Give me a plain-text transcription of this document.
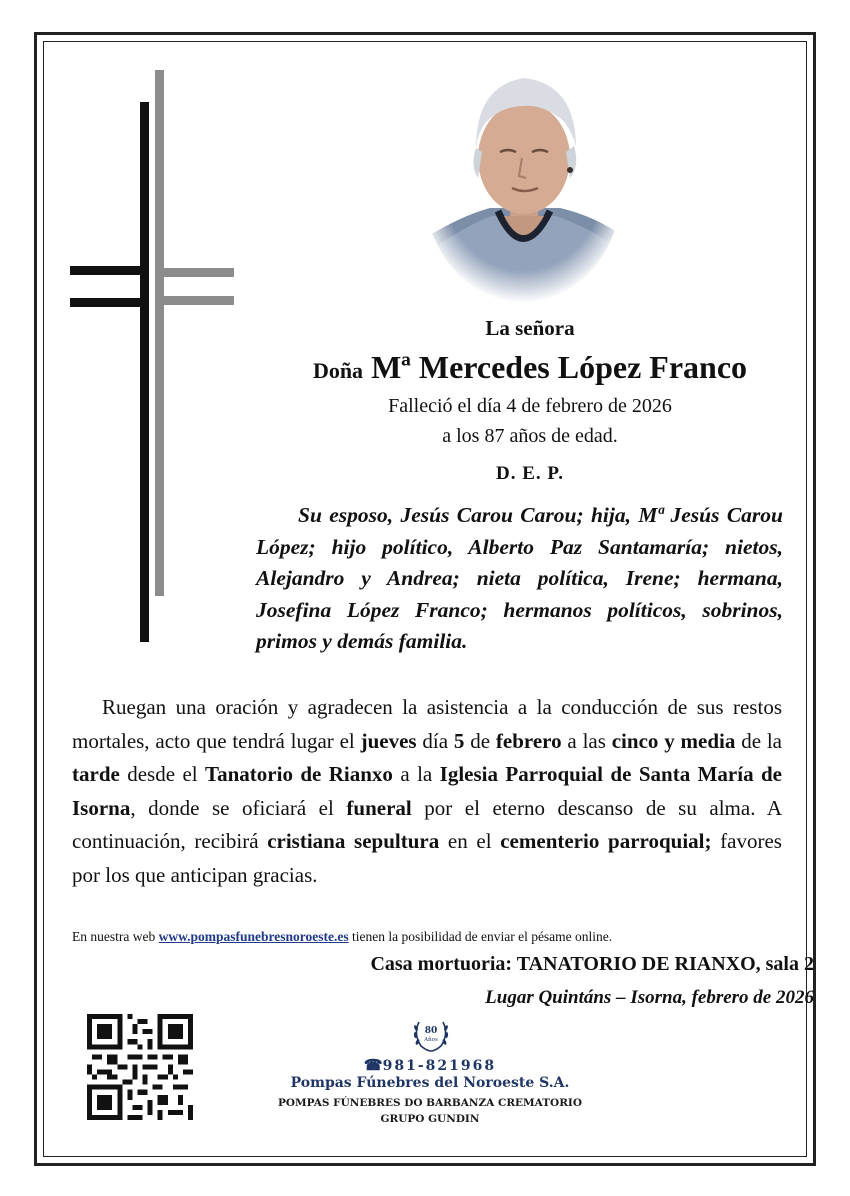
La señora
Doña Mª Mercedes López Franco
Falleció el día 4 de febrero de 2026
a los 87 años de edad.
D. E. P.
Su esposo, Jesús Carou Carou; hija, Mª Jesús Carou López; hijo político, Alberto Paz Santamaría; nietos, Alejandro y Andrea; nieta política, Irene; hermana, Josefina López Franco; hermanos políticos, sobrinos, primos y demás familia.
Ruegan una oración y agradecen la asistencia a la conducción de sus restos mortales, acto que tendrá lugar el jueves día 5 de febrero a las cinco y media de la tarde desde el Tanatorio de Rianxo a la Iglesia Parroquial de Santa María de Isorna, donde se oficiará el funeral por el eterno descanso de su alma. A continuación, recibirá cristiana sepultura en el cementerio parroquial; favores por los que anticipan gracias.
En nuestra web www.pompasfunebresnoroeste.es tienen la posibilidad de enviar el pésame online.
Casa mortuoria: TANATORIO DE RIANXO, sala 2
Lugar Quintáns – Isorna, febrero de 2026
80
Años
☎981-821968
Pompas Fúnebres del Noroeste S.A.
POMPAS FÚNEBRES DO BARBANZA CREMATORIO
GRUPO GUNDIN
